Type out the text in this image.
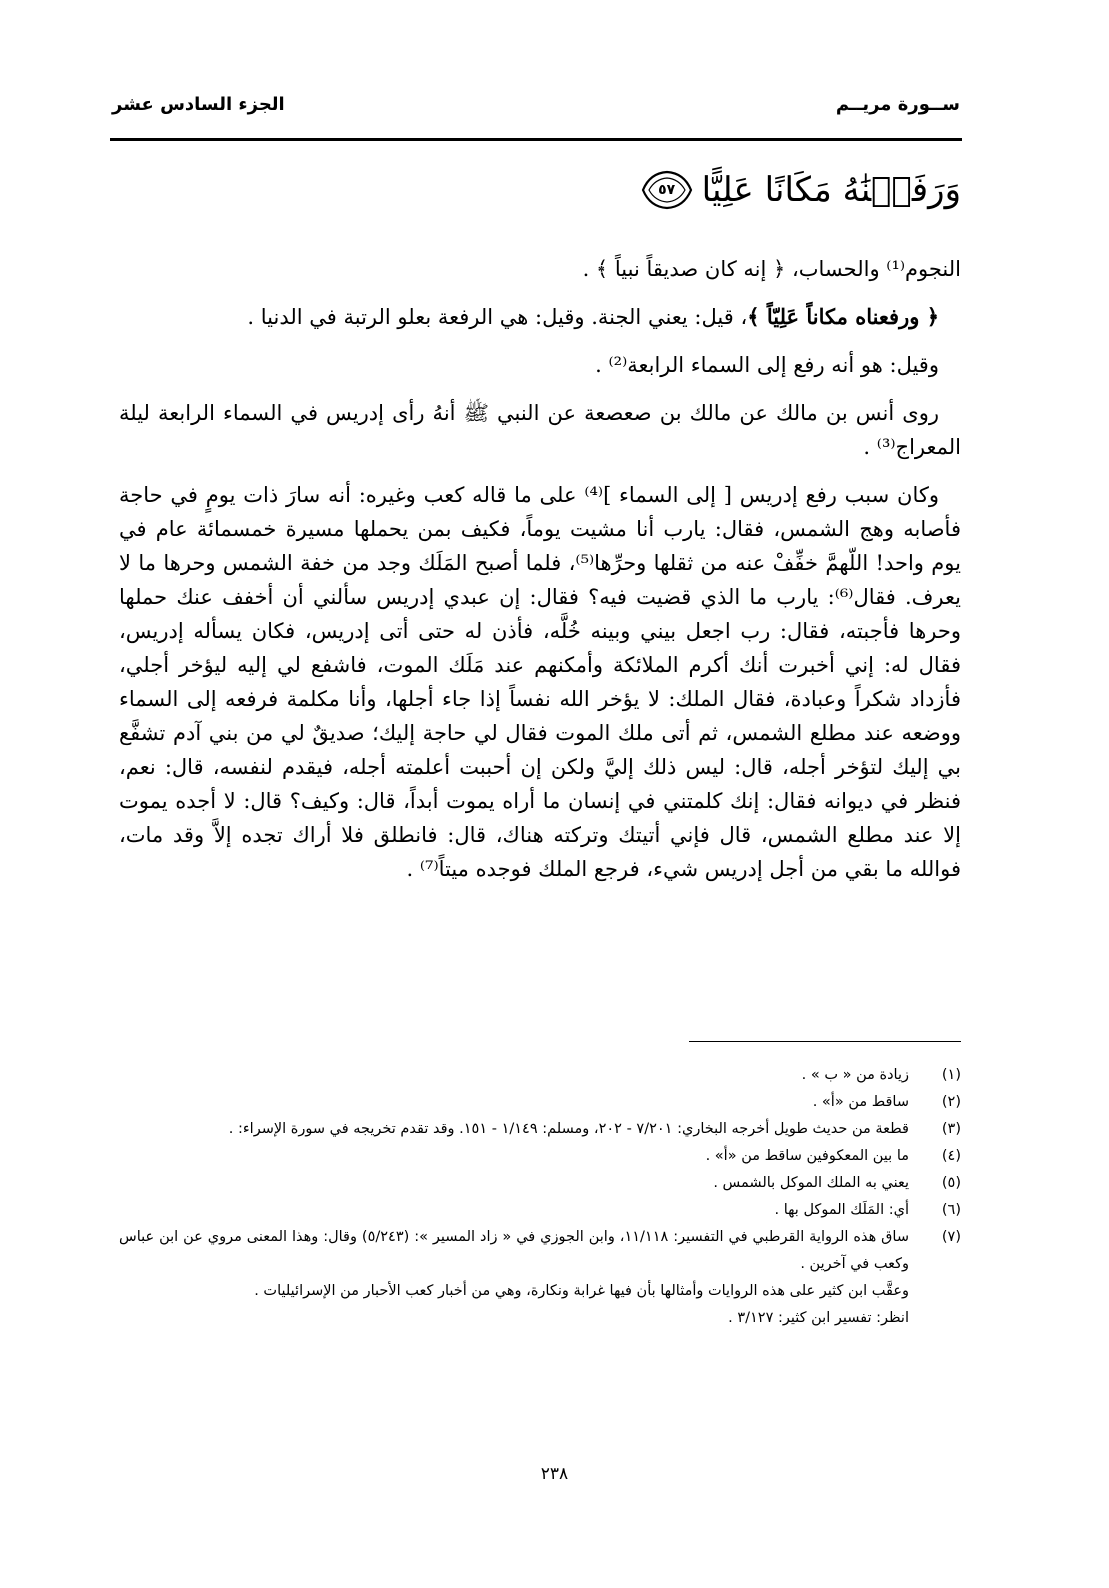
ســورة مريــم
الجزء السادس عشر
وَرَفَعۡنَٰهُ مَكَانًا عَلِيًّا
٥٧

النجوم⁽¹⁾ والحساب، ﴿ إنه كان صديقاً نبياً ﴾ .

﴿ ورفعناه مكاناً عَلِيّاً ﴾، قيل: يعني الجنة. وقيل: هي الرفعة بعلو الرتبة في الدنيا .

وقيل: هو أنه رفع إلى السماء الرابعة⁽²⁾ .

روى أنس بن مالك عن مالك بن صعصعة عن النبي ﷺ أنهُ رأى إدريس في السماء الرابعة ليلة المعراج⁽³⁾ .

وكان سبب رفع إدريس [ إلى السماء ]⁽⁴⁾ على ما قاله كعب وغيره: أنه سارَ ذات يومٍ في حاجة فأصابه وهج الشمس، فقال: يارب أنا مشيت يوماً، فكيف بمن يحملها مسيرة خمسمائة عام في يوم واحد! اللّهمَّ خفِّفْ عنه من ثقلها وحرِّها⁽⁵⁾، فلما أصبح المَلَك وجد من خفة الشمس وحرها ما لا يعرف. فقال⁽⁶⁾: يارب ما الذي قضيت فيه؟ فقال: إن عبدي إدريس سألني أن أخفف عنك حملها وحرها فأجبته، فقال: رب اجعل بيني وبينه خُلَّه، فأذن له حتى أتى إدريس، فكان يسأله إدريس، فقال له: إني أخبرت أنك أكرم الملائكة وأمكنهم عند مَلَك الموت، فاشفع لي إليه ليؤخر أجلي، فأزداد شكراً وعبادة، فقال الملك: لا يؤخر الله نفساً إذا جاء أجلها، وأنا مكلمة فرفعه إلى السماء ووضعه عند مطلع الشمس، ثم أتى ملك الموت فقال لي حاجة إليك؛ صديقٌ لي من بني آدم تشفَّع بي إليك لتؤخر أجله، قال: ليس ذلك إليَّ ولكن إن أحببت أعلمته أجله، فيقدم لنفسه، قال: نعم، فنظر في ديوانه فقال: إنك كلمتني في إنسان ما أراه يموت أبداً، قال: وكيف؟ قال: لا أجده يموت إلا عند مطلع الشمس، قال فإني أتيتك وتركته هناك، قال: فانطلق فلا أراك تجده إلاَّ وقد مات، فوالله ما بقي من أجل إدريس شيء، فرجع الملك فوجده ميتاً⁽⁷⁾ .

(١)
زيادة من « ب » .
(٢)
ساقط من «أ» .
(٣)
قطعة من حديث طويل أخرجه البخاري: ٧/٢٠١ - ٢٠٢، ومسلم: ١/١٤٩ - ١٥١. وقد تقدم تخريجه في سورة الإسراء: .
(٤)
ما بين المعكوفين ساقط من «أ» .
(٥)
يعني به الملك الموكل بالشمس .
(٦)
أي: المَلَك الموكل بها .
(٧)
ساق هذه الرواية القرطبي في التفسير: ١١/١١٨، وابن الجوزي في « زاد المسير »: (٥/٢٤٣) وقال: وهذا المعنى مروي عن ابن عباس وكعب في آخرين .
وعقَّب ابن كثير على هذه الروايات وأمثالها بأن فيها غرابة ونكارة، وهي من أخبار كعب الأحبار من الإسرائيليات .
انظر: تفسير ابن كثير: ٣/١٢٧ .
٢٣٨
